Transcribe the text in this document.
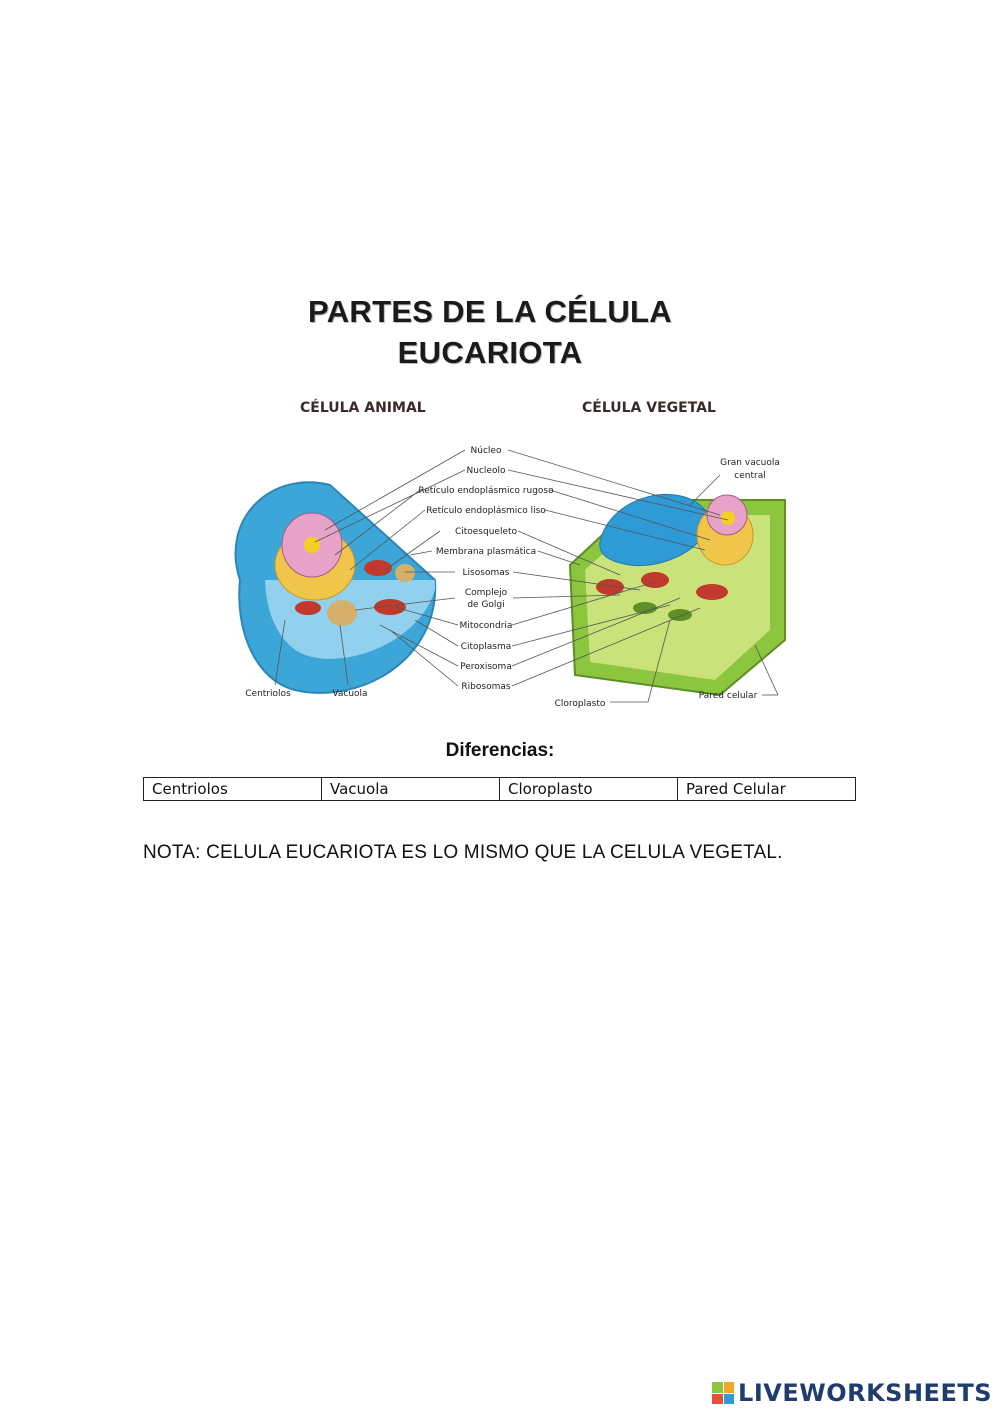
PARTES DE LA CÉLULA
EUCARIOTA
CÉLULA ANIMAL	CÉLULA VEGETAL
Núcleo
Nucleolo
Retículo endoplásmico rugoso
Retículo endoplásmico liso
Citoesqueleto
Membrana plasmática
Lisosomas
Complejo
de Golgi
Mitocondria
Citoplasma
Peroxisoma
Ribosomas
Centriolos	Vacuola
Gran vacuola
central
Cloroplasto
Pared celular
Diferencias:
Centriolos	Vacuola	Cloroplasto	Pared Celular
NOTA: CELULA EUCARIOTA ES LO MISMO QUE LA CELULA VEGETAL.
LIVEWORKSHEETS
